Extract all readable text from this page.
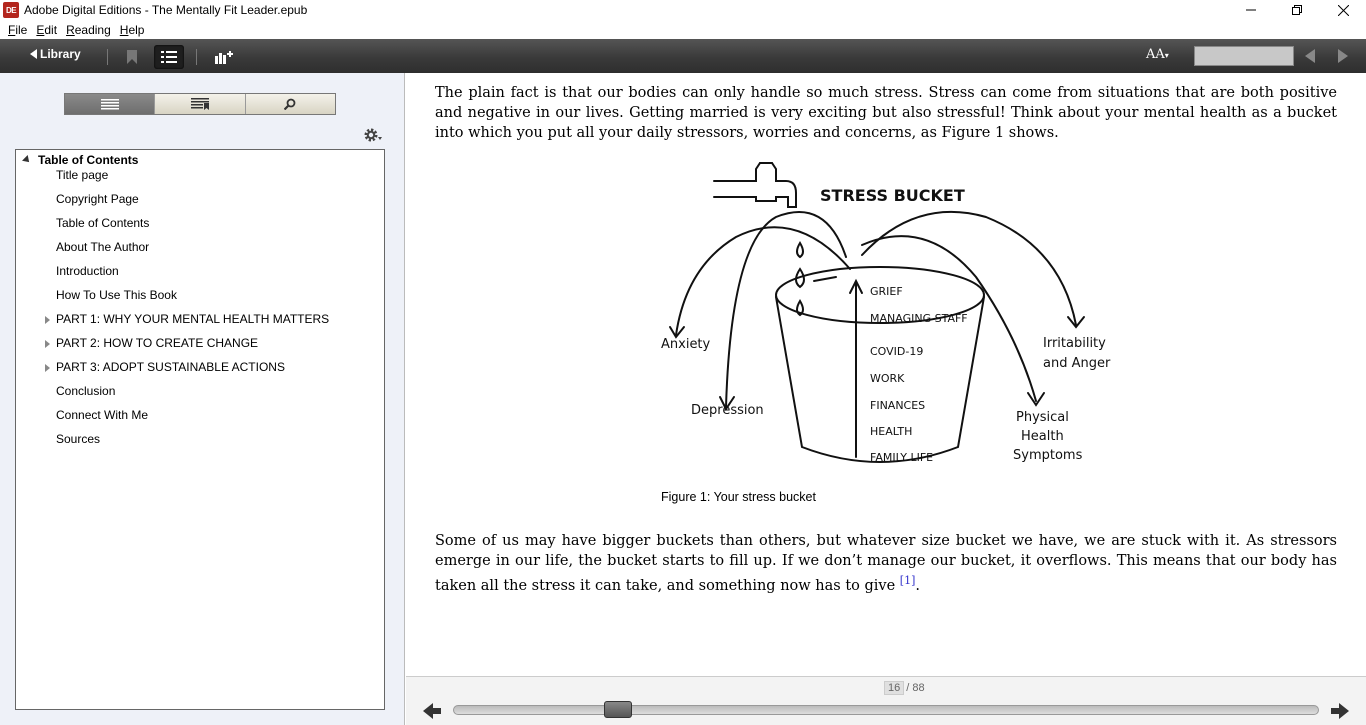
DE Adobe Digital Editions - The Mentally Fit Leader.epub
File Edit Reading Help
Library	AA▾
Table of Contents
Title page
Copyright Page
Table of Contents
About The Author
Introduction
How To Use This Book
PART 1: WHY YOUR MENTAL HEALTH MATTERS
PART 2: HOW TO CREATE CHANGE
PART 3: ADOPT SUSTAINABLE ACTIONS
Conclusion
Connect With Me
Sources

The plain fact is that our bodies can only handle so much stress. Stress can come from situations that are both positive and negative in our lives. Getting married is very exciting but also stressful! Think about your mental health as a bucket into which you put all your daily stressors, worries and concerns, as Figure 1 shows.

STRESS BUCKET
GRIEF
MANAGING STAFF
COVID-19
WORK
FINANCES
HEALTH
FAMILY LIFE
Anxiety
Depression
Irritability
and Anger
Physical
Health
Symptoms
Figure 1: Your stress bucket

Some of us may have bigger buckets than others, but whatever size bucket we have, we are stuck with it. As stressors emerge in our life, the bucket starts to fill up. If we don’t manage our bucket, it overflows. This means that our body has taken all the stress it can take, and something now has to give [1].

16 / 88
